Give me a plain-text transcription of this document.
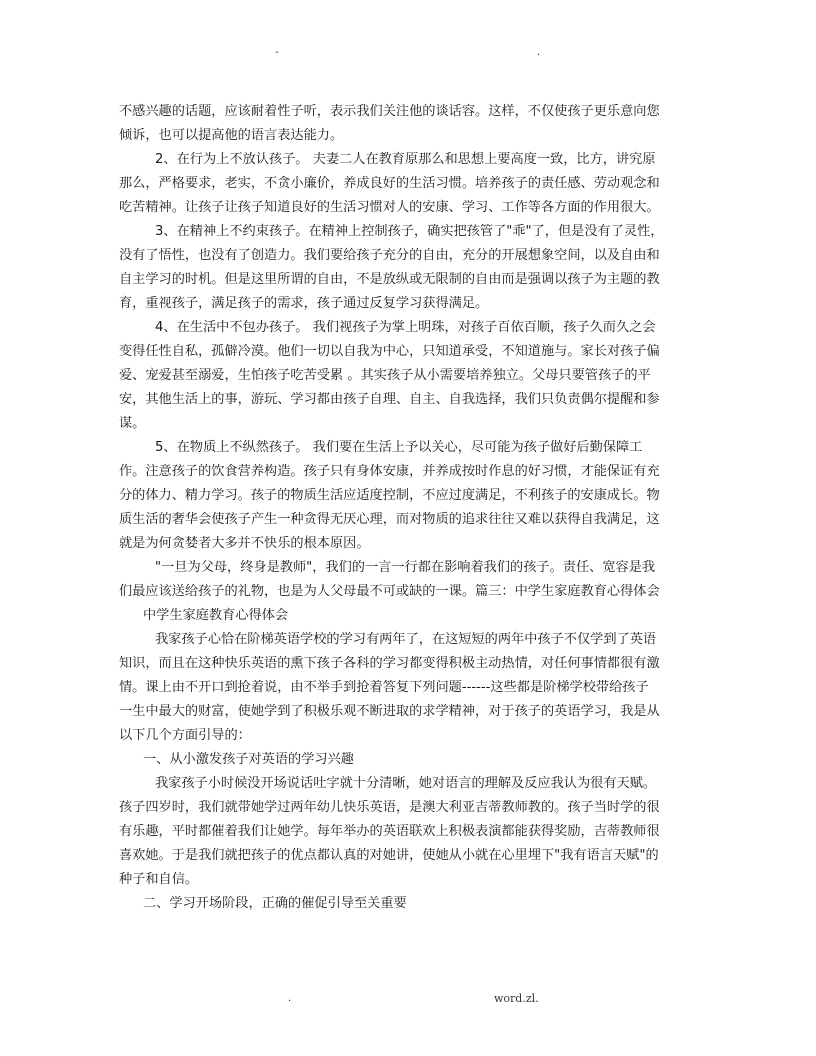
-	.
不感兴趣的话题，应该耐着性子听，表示我们关注他的谈话容。这样，不仅使孩子更乐意向您
倾诉，也可以提高他的语言表达能力。
2、在行为上不放认孩子。 夫妻二人在教育原那么和思想上要高度一致，比方，讲究原
那么，严格要求，老实，不贪小廉价，养成良好的生活习惯。培养孩子的责任感、劳动观念和
吃苦精神。让孩子让孩子知道良好的生活习惯对人的安康、学习、工作等各方面的作用很大。
3、在精神上不约束孩子。在精神上控制孩子，确实把孩管了"乖"了，但是没有了灵性，
没有了悟性，也没有了创造力。我们要给孩子充分的自由，充分的开展想象空间，以及自由和
自主学习的时机。但是这里所谓的自由，不是放纵或无限制的自由而是强调以孩子为主题的教
育，重视孩子，满足孩子的需求，孩子通过反复学习获得满足。
4、在生活中不包办孩子。 我们视孩子为掌上明珠，对孩子百依百顺，孩子久而久之会
变得任性自私，孤僻冷漠。他们一切以自我为中心，只知道承受，不知道施与。家长对孩子偏
爱、宠爱甚至溺爱，生怕孩子吃苦受累 。其实孩子从小需要培养独立。父母只要管孩子的平
安，其他生活上的事，游玩、学习都由孩子自理、自主、自我选择，我们只负责偶尔提醒和参
谋。
5、在物质上不纵然孩子。 我们要在生活上予以关心，尽可能为孩子做好后勤保障工
作。注意孩子的饮食营养构造。孩子只有身体安康，并养成按时作息的好习惯，才能保证有充
分的体力、精力学习。孩子的物质生活应适度控制，不应过度满足，不利孩子的安康成长。物
质生活的奢华会使孩子产生一种贪得无厌心理，而对物质的追求往往又难以获得自我满足，这
就是为何贪婪者大多并不快乐的根本原因。
"一旦为父母，终身是教师"，我们的一言一行都在影响着我们的孩子。责任、宽容是我
们最应该送给孩子的礼物，也是为人父母最不可或缺的一课。篇三：中学生家庭教育心得体会
中学生家庭教育心得体会
我家孩子心恰在阶梯英语学校的学习有两年了，在这短短的两年中孩子不仅学到了英语
知识，而且在这种快乐英语的熏下孩子各科的学习都变得积极主动热情，对任何事情都很有激
情。课上由不开口到抢着说，由不举手到抢着答复下列问题------这些都是阶梯学校带给孩子
一生中最大的财富，使她学到了积极乐观不断进取的求学精神，对于孩子的英语学习，我是从
以下几个方面引导的：
一、从小激发孩子对英语的学习兴趣
我家孩子小时候没开场说话吐字就十分清晰，她对语言的理解及反应我认为很有天赋。
孩子四岁时，我们就带她学过两年幼儿快乐英语，是澳大利亚吉蒂教师教的。孩子当时学的很
有乐趣，平时都催着我们让她学。每年举办的英语联欢上积极表演都能获得奖励，吉蒂教师很
喜欢她。于是我们就把孩子的优点都认真的对她讲，使她从小就在心里埋下"我有语言天赋"的
种子和自信。
二、学习开场阶段，正确的催促引导至关重要
.	word.zl.
